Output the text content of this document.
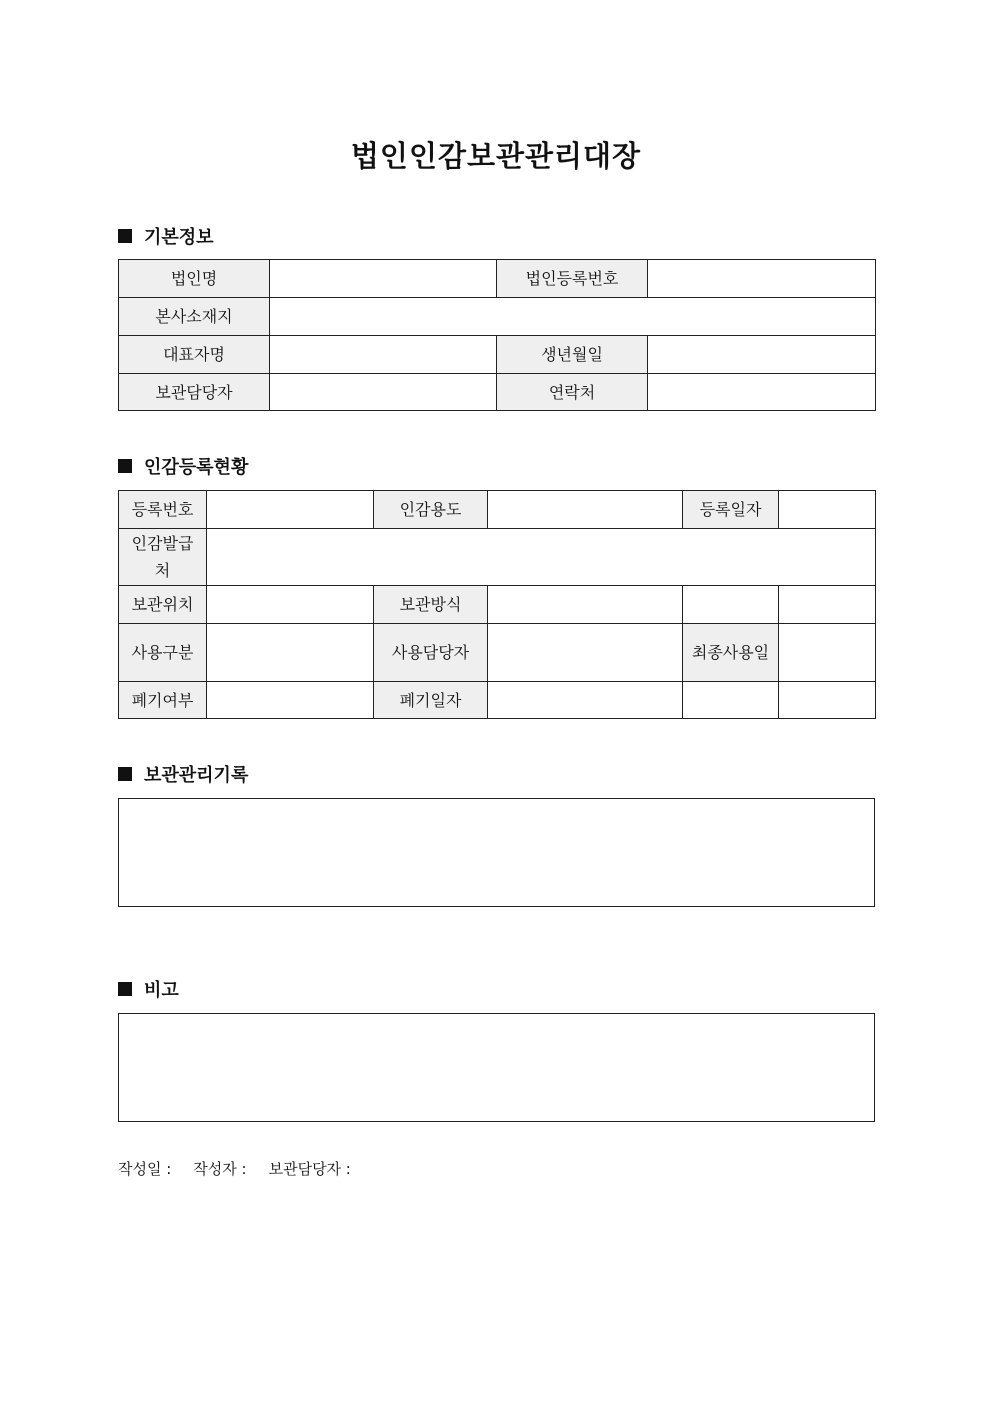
법인인감보관관리대장
기본정보
법인명		법인등록번호	
본사소재지			
대표자명		생년월일	
보관담당자		연락처	
인감등록현황
등록번호		인감용도		등록일자	
인감발급처					
보관위치		보관방식			
사용구분		사용담당자		최종사용일	
폐기여부		폐기일자			
보관관리기록
비고
작성일 : 작성자 : 보관담당자 :
